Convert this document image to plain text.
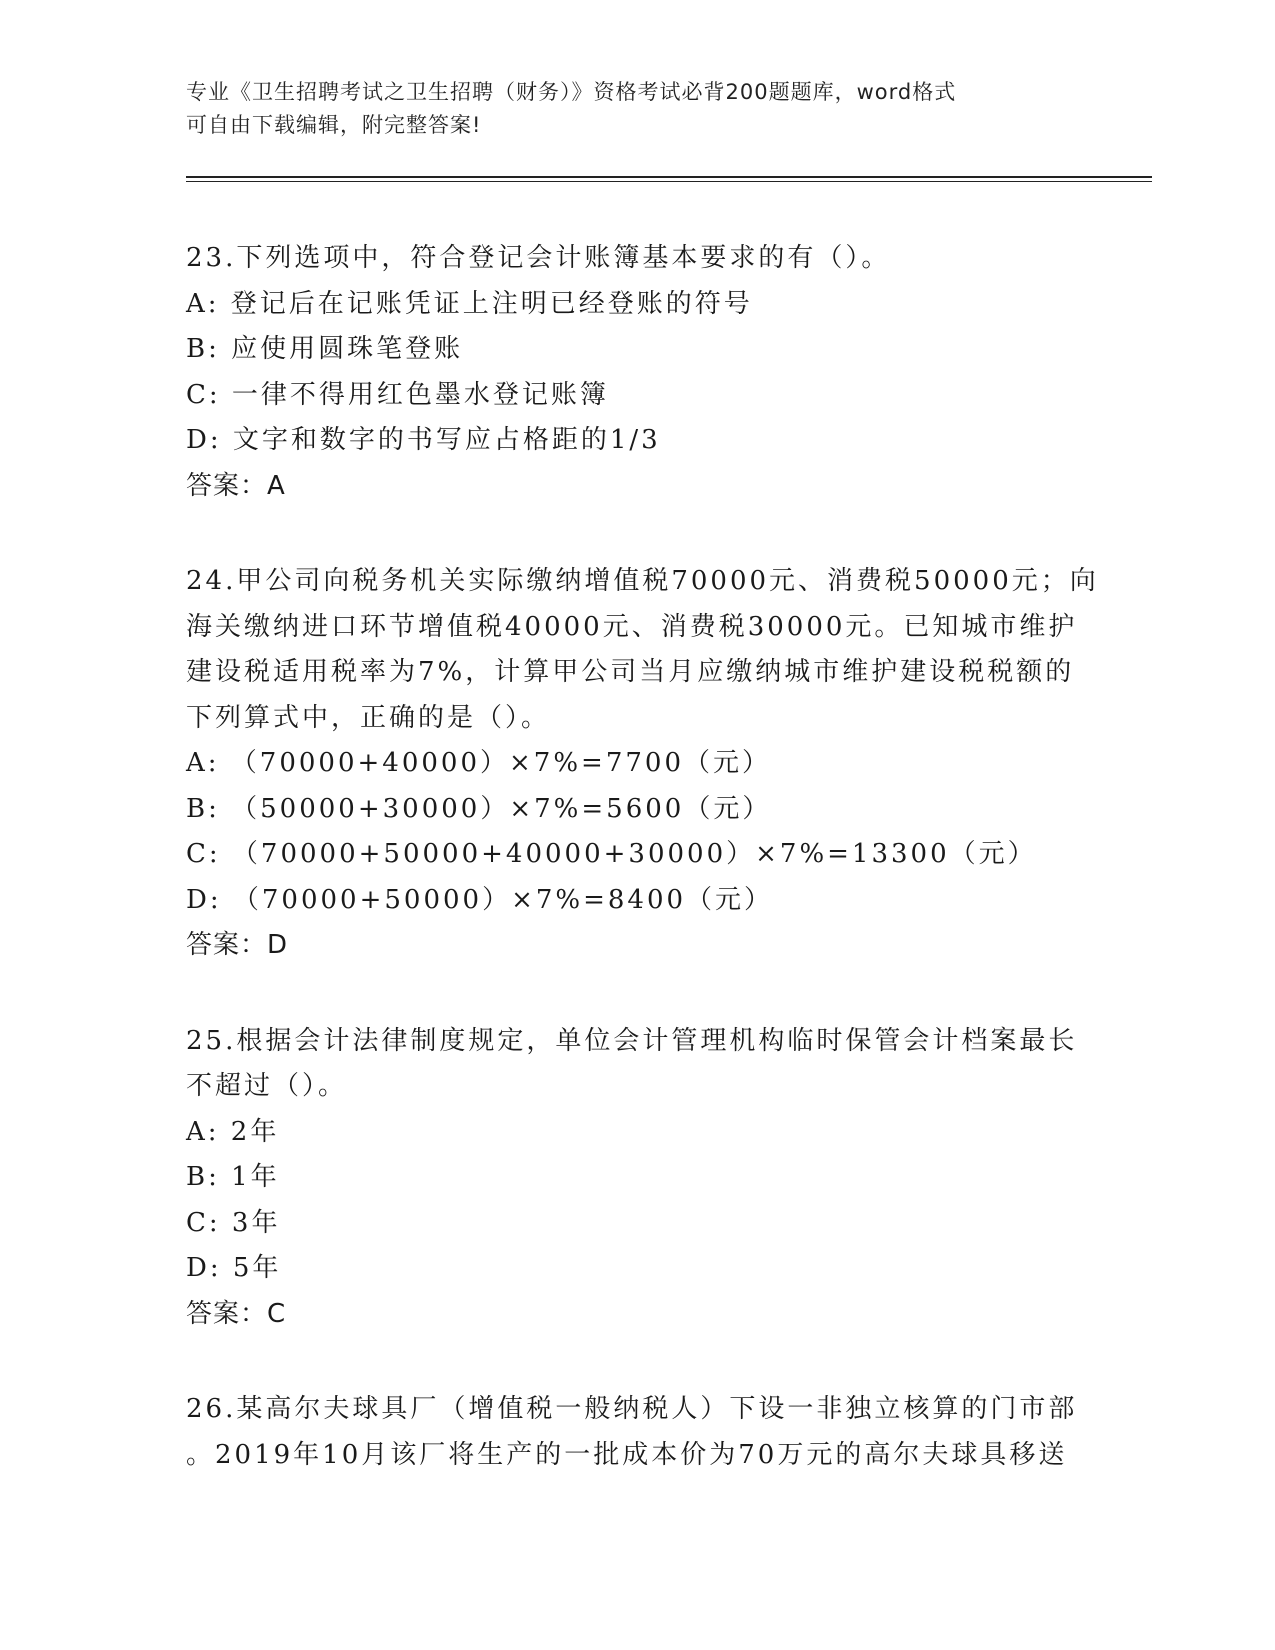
专业《卫生招聘考试之卫生招聘（财务）》资格考试必背200题题库，word格式
可自由下载编辑，附完整答案!
23.下列选项中，符合登记会计账簿基本要求的有（）。
A: 登记后在记账凭证上注明已经登账的符号
B: 应使用圆珠笔登账
C: 一律不得用红色墨水登记账簿
D: 文字和数字的书写应占格距的1/3
答案：A
24.甲公司向税务机关实际缴纳增值税70000元、消费税50000元；向
海关缴纳进口环节增值税40000元、消费税30000元。已知城市维护
建设税适用税率为7%，计算甲公司当月应缴纳城市维护建设税税额的
下列算式中，正确的是（）。
A: （70000+40000）×7%=7700（元）
B: （50000+30000）×7%=5600（元）
C: （70000+50000+40000+30000）×7%=13300（元）
D: （70000+50000）×7%=8400（元）
答案：D
25.根据会计法律制度规定，单位会计管理机构临时保管会计档案最长
不超过（）。
A: 2年
B: 1年
C: 3年
D: 5年
答案：C
26.某高尔夫球具厂（增值税一般纳税人）下设一非独立核算的门市部
。2019年10月该厂将生产的一批成本价为70万元的高尔夫球具移送
